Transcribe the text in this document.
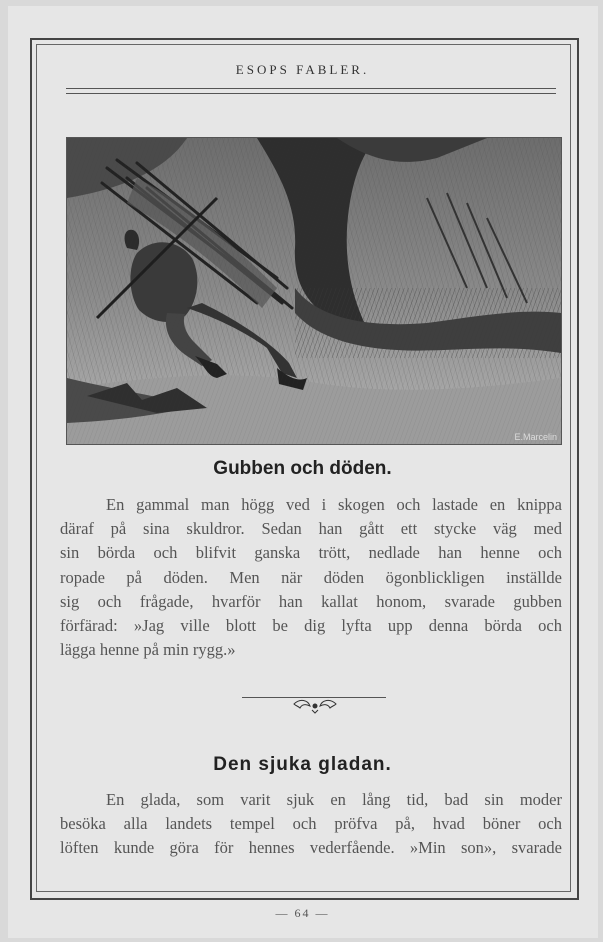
ESOPS FABLER.
E.Marcelin
Gubben och döden.
En gammal man högg ved i skogen och lastade en knippa
däraf på sina skuldror. Sedan han gått ett stycke väg med
sin börda och blifvit ganska trött, nedlade han henne och
ropade på döden. Men när döden ögonblickligen inställde
sig och frågade, hvarför han kallat honom, svarade gubben
förfärad: »Jag ville blott be dig lyfta upp denna börda och
lägga henne på min rygg.»
Den sjuka gladan.
En glada, som varit sjuk en lång tid, bad sin moder
besöka alla landets tempel och pröfva på, hvad böner och
löften kunde göra för hennes vederfående. »Min son», svarade
— 64 —
